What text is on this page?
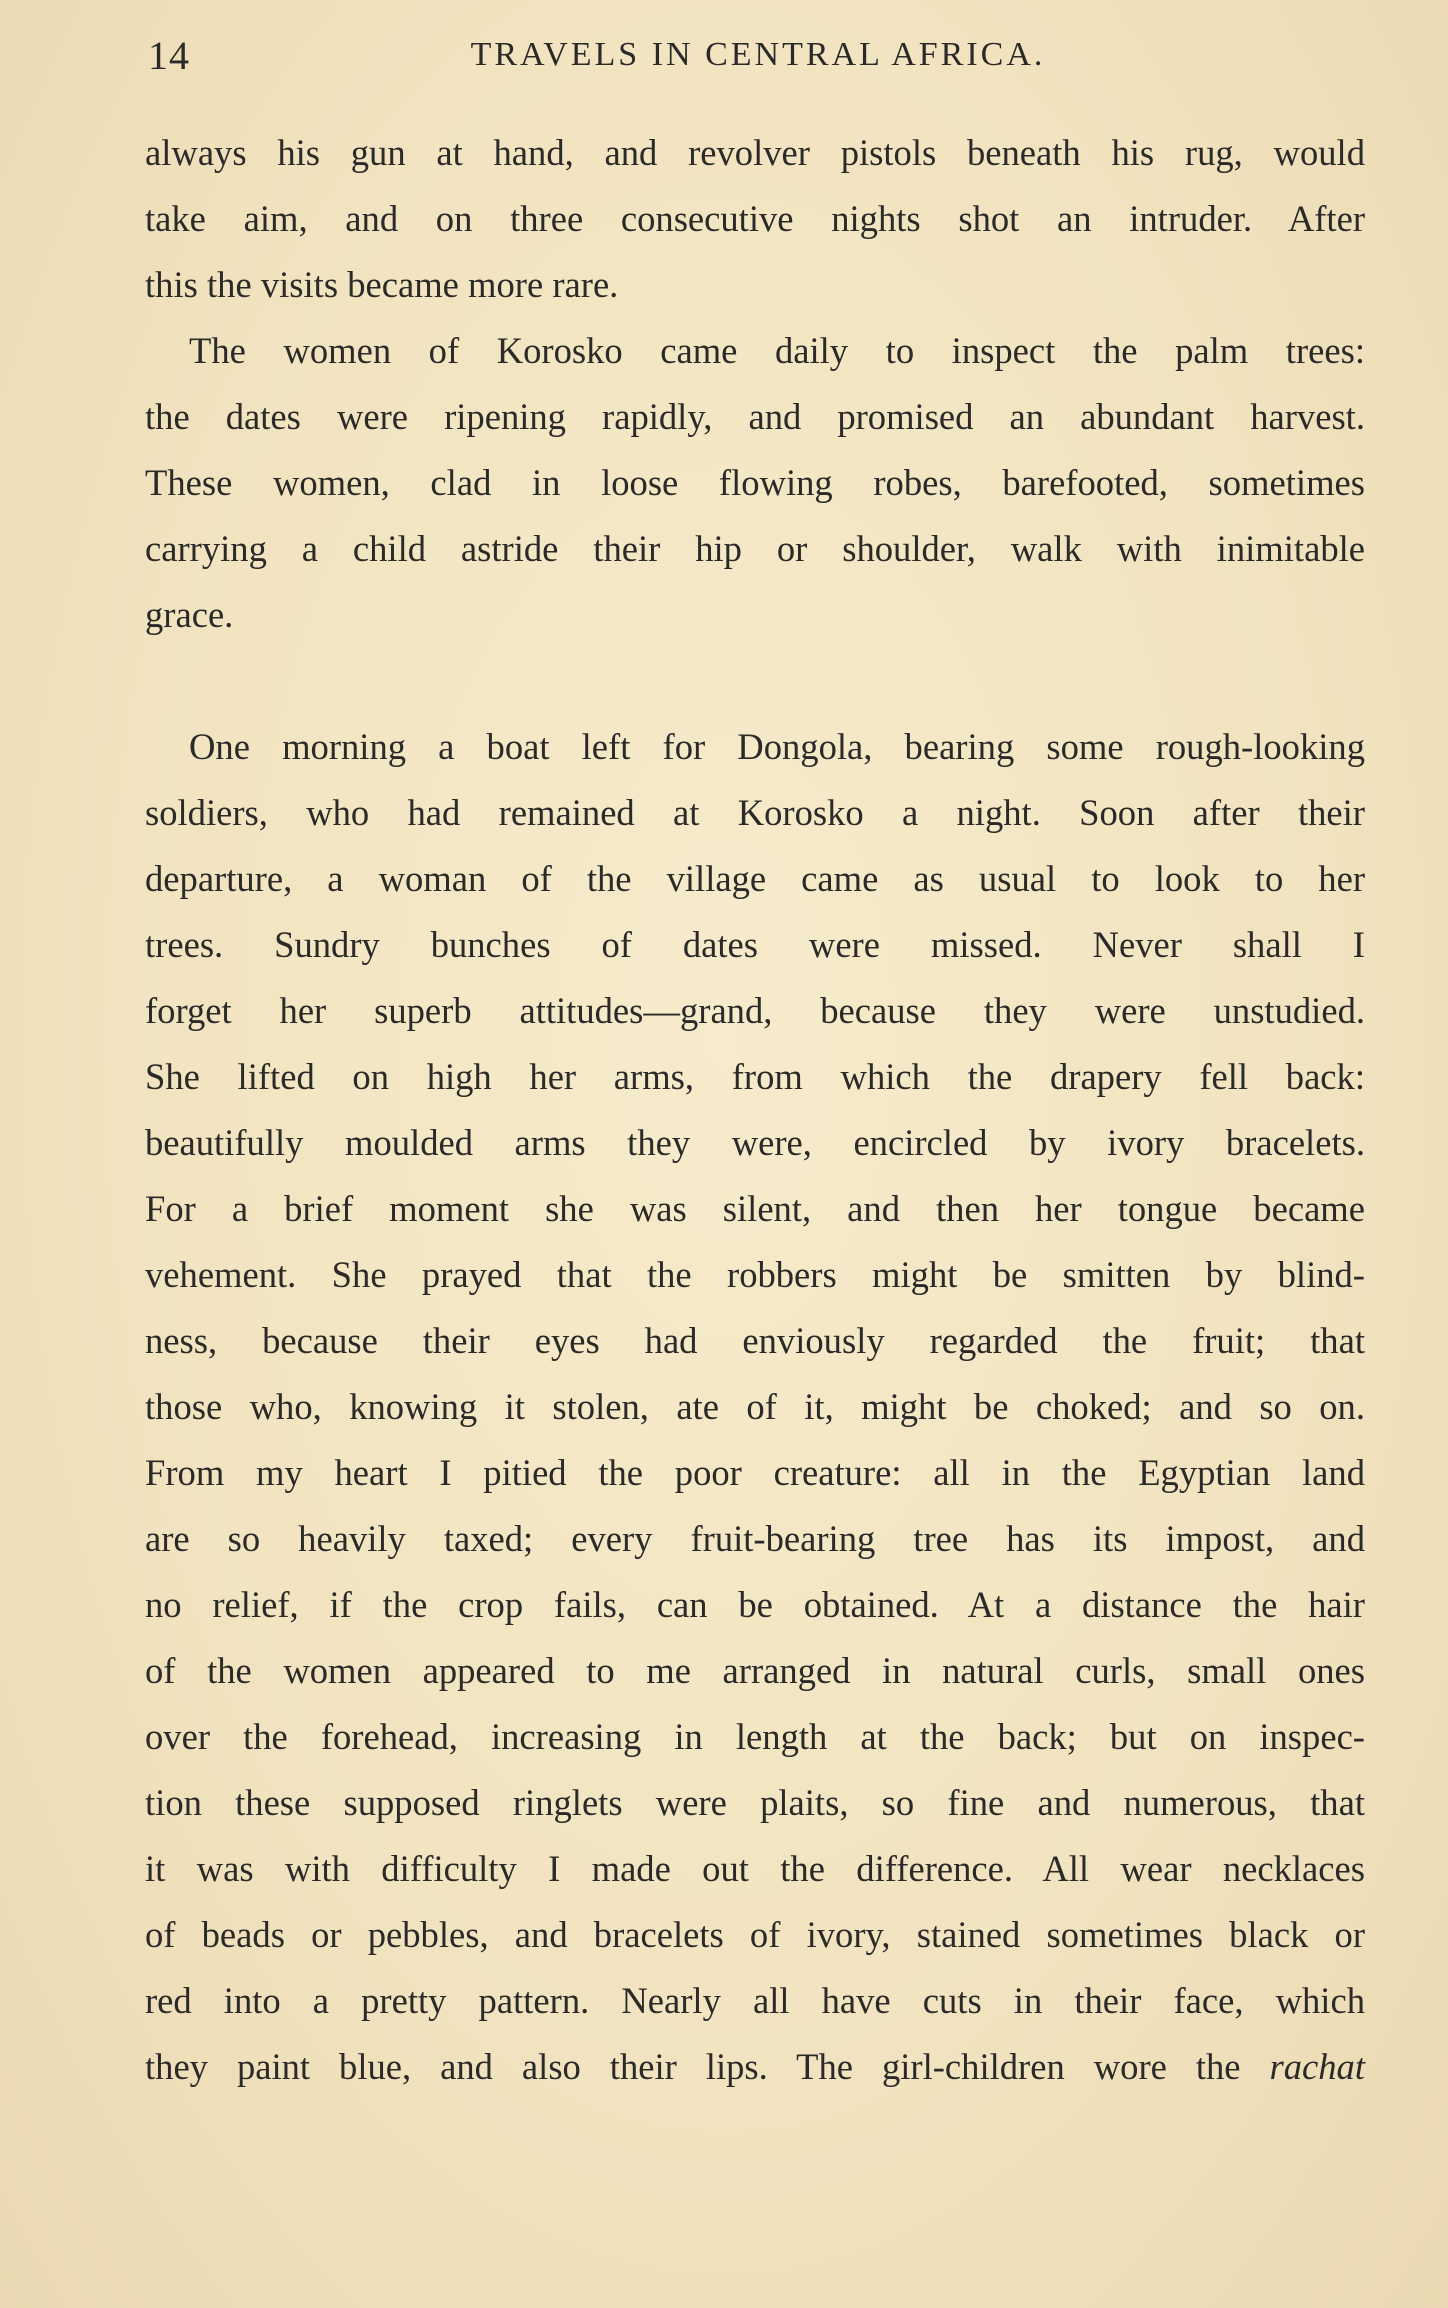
14	TRAVELS IN CENTRAL AFRICA.
always his gun at hand, and revolver pistols beneath his rug, would
take aim, and on three consecutive nights shot an intruder. After
this the visits became more rare.
The women of Korosko came daily to inspect the palm trees:
the dates were ripening rapidly, and promised an abundant harvest.
These women, clad in loose flowing robes, barefooted, sometimes
carrying a child astride their hip or shoulder, walk with inimitable
grace.
One morning a boat left for Dongola, bearing some rough-looking
soldiers, who had remained at Korosko a night. Soon after their
departure, a woman of the village came as usual to look to her
trees. Sundry bunches of dates were missed. Never shall I
forget her superb attitudes—grand, because they were unstudied.
She lifted on high her arms, from which the drapery fell back:
beautifully moulded arms they were, encircled by ivory bracelets.
For a brief moment she was silent, and then her tongue became
vehement. She prayed that the robbers might be smitten by blind-
ness, because their eyes had enviously regarded the fruit; that
those who, knowing it stolen, ate of it, might be choked; and so on.
From my heart I pitied the poor creature: all in the Egyptian land
are so heavily taxed; every fruit-bearing tree has its impost, and
no relief, if the crop fails, can be obtained. At a distance the hair
of the women appeared to me arranged in natural curls, small ones
over the forehead, increasing in length at the back; but on inspec-
tion these supposed ringlets were plaits, so fine and numerous, that
it was with difficulty I made out the difference. All wear necklaces
of beads or pebbles, and bracelets of ivory, stained sometimes black or
red into a pretty pattern. Nearly all have cuts in their face, which
they paint blue, and also their lips. The girl-children wore the rachat
